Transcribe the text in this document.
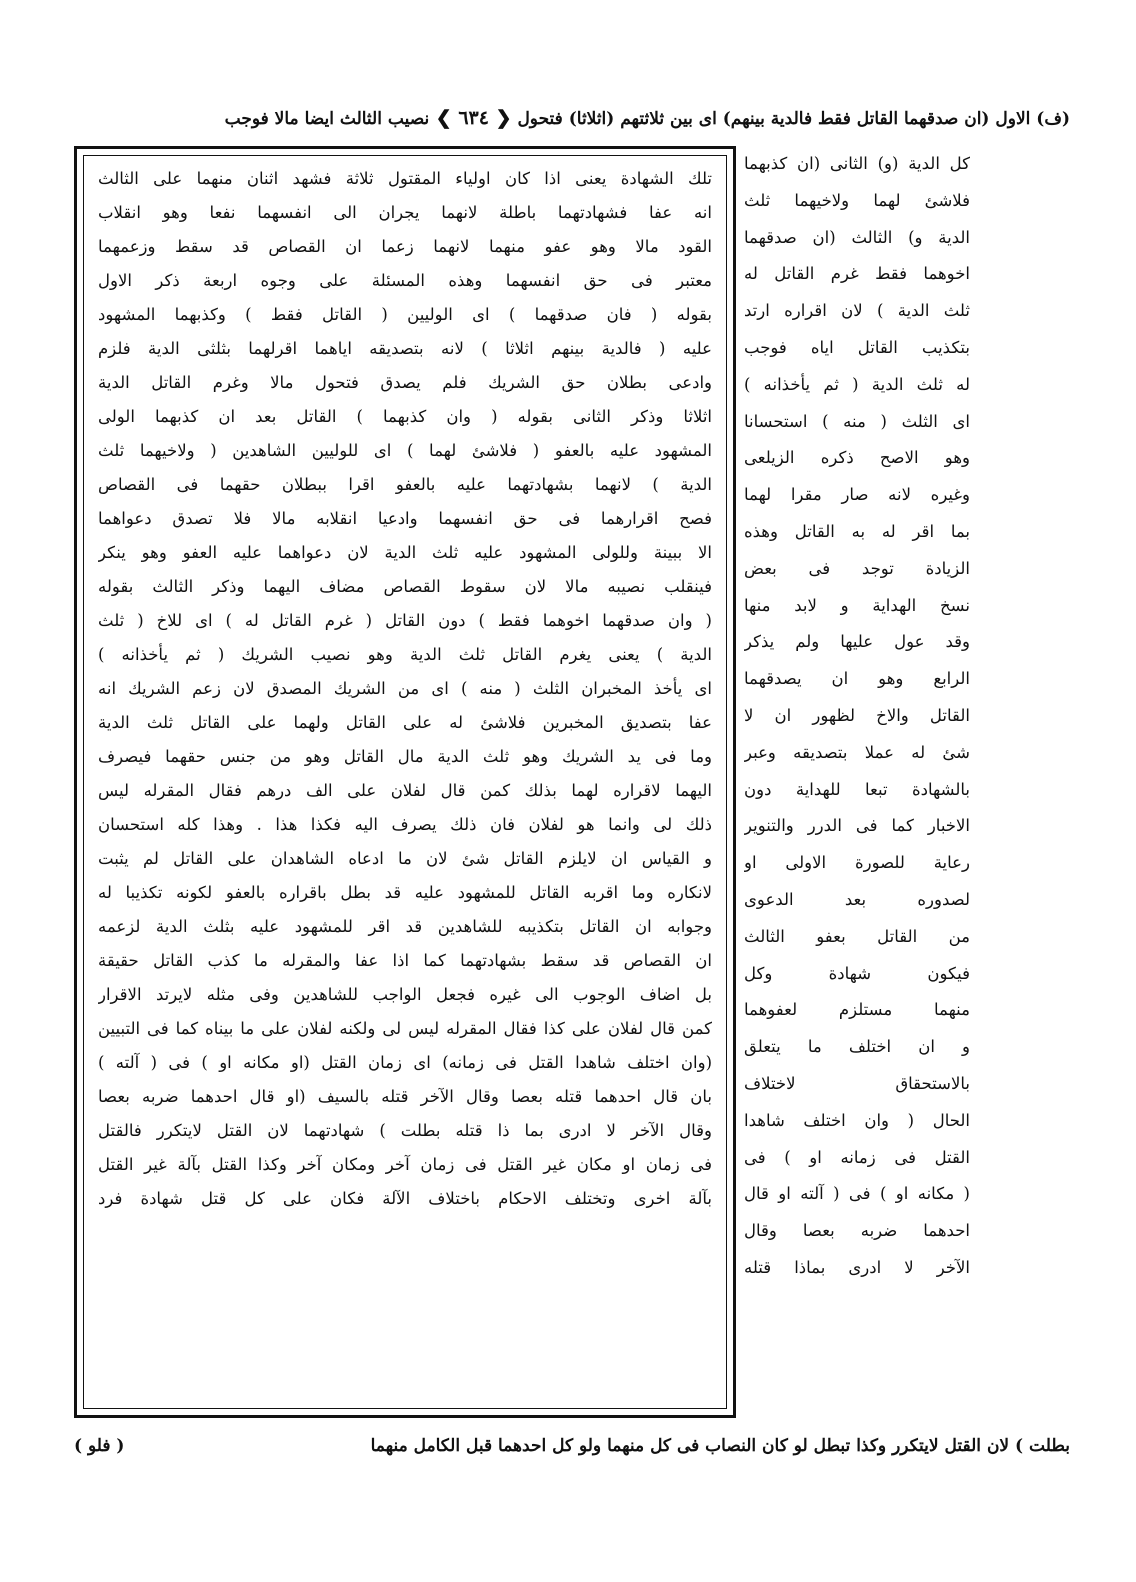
(ف) الاول (ان صدقهما القاتل فقط فالدية بينهم) اى بين ثلاثتهم (اثلاثا) فتحول ❮ ٦٣٤ ❯ نصيب الثالث ايضا مالا فوجب
كل الدية (و) الثانى (ان كذبهما
فلاشئ لهما ولاخيهما ثلث
الدية و) الثالث (ان صدقهما
اخوهما فقط غرم القاتل له
ثلث الدية ) لان اقراره ارتد
بتكذيب القاتل اياه فوجب
له ثلث الدية ( ثم يأخذانه )
اى الثلث ( منه ) استحسانا
وهو الاصح ذكره الزيلعى
وغيره لانه صار مقرا لهما
بما اقر له به القاتل وهذه
الزيادة توجد فى بعض
نسخ الهداية و لابد منها
وقد عول عليها ولم يذكر
الرابع وهو ان يصدقهما
القاتل والاخ لظهور ان لا
شئ له عملا بتصديقه وعبر
بالشهادة تبعا للهداية دون
الاخبار كما فى الدرر والتنوير
رعاية للصورة الاولى او
لصدوره بعد الدعوى
من القاتل بعفو الثالث
فيكون شهادة وكل
منهما مستلزم لعفوهما
و ان اختلف ما يتعلق
بالاستحقاق لاختلاف
الحال ( وان اختلف شاهدا
القتل فى زمانه او ) فى
( مكانه او ) فى ( آلته او قال
احدهما ضربه بعصا وقال
الآخر لا ادرى بماذا قتله
تلك الشهادة يعنى اذا كان اولياء المقتول ثلاثة فشهد اثنان منهما على الثالث
انه عفا فشهادتهما باطلة لانهما يجران الى انفسهما نفعا وهو انقلاب
القود مالا وهو عفو منهما لانهما زعما ان القصاص قد سقط وزعمهما
معتبر فى حق انفسهما وهذه المسئلة على وجوه اربعة ذكر الاول
بقوله ( فان صدقهما ) اى الوليين ( القاتل فقط ) وكذبهما المشهود
عليه ( فالدية بينهم اثلاثا ) لانه بتصديقه اياهما اقرلهما بثلثى الدية فلزم
وادعى بطلان حق الشريك فلم يصدق فتحول مالا وغرم القاتل الدية
اثلاثا وذكر الثانى بقوله ( وان كذبهما ) القاتل بعد ان كذبهما الولى
المشهود عليه بالعفو ( فلاشئ لهما ) اى للوليين الشاهدين ( ولاخيهما ثلث
الدية ) لانهما بشهادتهما عليه بالعفو اقرا ببطلان حقهما فى القصاص
فصح اقرارهما فى حق انفسهما وادعيا انقلابه مالا فلا تصدق دعواهما
الا ببينة وللولى المشهود عليه ثلث الدية لان دعواهما عليه العفو وهو ينكر
فينقلب نصيبه مالا لان سقوط القصاص مضاف اليهما وذكر الثالث بقوله
( وان صدقهما اخوهما فقط ) دون القاتل ( غرم القاتل له ) اى للاخ ( ثلث
الدية ) يعنى يغرم القاتل ثلث الدية وهو نصيب الشريك ( ثم يأخذانه )
اى يأخذ المخبران الثلث ( منه ) اى من الشريك المصدق لان زعم الشريك انه
عفا بتصديق المخبرين فلاشئ له على القاتل ولهما على القاتل ثلث الدية
وما فى يد الشريك وهو ثلث الدية مال القاتل وهو من جنس حقهما فيصرف
اليهما لاقراره لهما بذلك كمن قال لفلان على الف درهم فقال المقرله ليس
ذلك لى وانما هو لفلان فان ذلك يصرف اليه فكذا هذا . وهذا كله استحسان
و القياس ان لايلزم القاتل شئ لان ما ادعاه الشاهدان على القاتل لم يثبت
لانكاره وما اقربه القاتل للمشهود عليه قد بطل باقراره بالعفو لكونه تكذيبا له
وجوابه ان القاتل بتكذيبه للشاهدين قد اقر للمشهود عليه بثلث الدية لزعمه
ان القصاص قد سقط بشهادتهما كما اذا عفا والمقرله ما كذب القاتل حقيقة
بل اضاف الوجوب الى غيره فجعل الواجب للشاهدين وفى مثله لايرتد الاقرار
كمن قال لفلان على كذا فقال المقرله ليس لى ولكنه لفلان على ما بيناه كما فى التبيين
(وان اختلف شاهدا القتل فى زمانه) اى زمان القتل (او مكانه او ) فى ( آلته )
بان قال احدهما قتله بعصا وقال الآخر قتله بالسيف (او قال احدهما ضربه بعصا
وقال الآخر لا ادرى بما ذا قتله بطلت ) شهادتهما لان القتل لايتكرر فالقتل
فى زمان او مكان غير القتل فى زمان آخر ومكان آخر وكذا القتل بآلة غير القتل
بآلة اخرى وتختلف الاحكام باختلاف الآلة فكان على كل قتل شهادة فرد
بطلت ) لان القتل لايتكرر وكذا تبطل لو كان النصاب فى كل منهما ولو كل احدهما قبل الكامل منهما
( فلو )
